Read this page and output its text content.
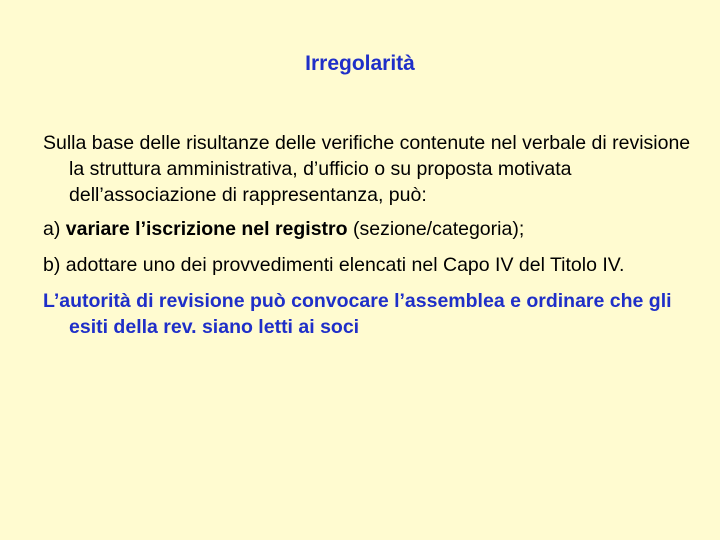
Irregolarità

Sulla base delle risultanze delle verifiche contenute nel verbale di revisione la struttura amministrativa, d’ufficio o su proposta motivata dell’associazione di rappresentanza, può:

a) variare l’iscrizione nel registro (sezione/categoria);

b) adottare uno dei provvedimenti elencati nel Capo IV del Titolo IV.

L’autorità di revisione può convocare l’assemblea e ordinare che gli esiti della rev. siano letti ai soci
